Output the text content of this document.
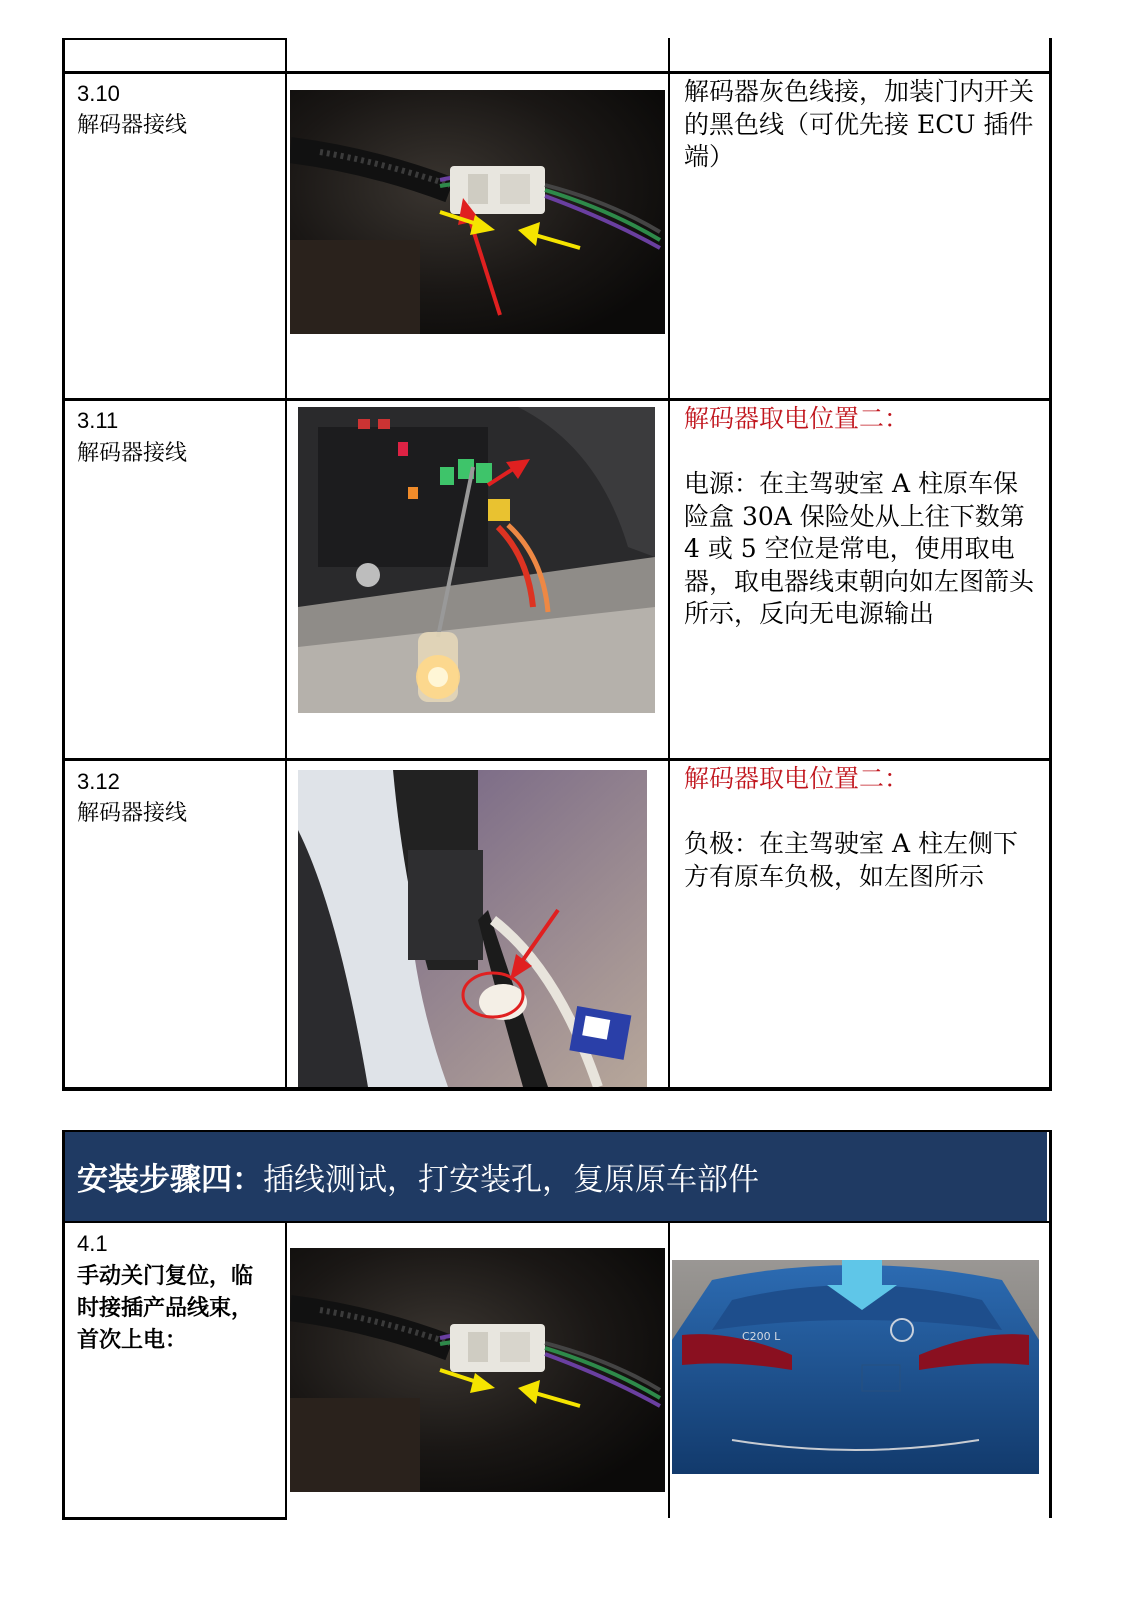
3.10
解码器接线
解码器灰色线接，加装门内开关的黑色线（可优先接 ECU 插件端）
3.11
解码器接线
解码器取电位置二：
电源：在主驾驶室 A 柱原车保险盒 30A 保险处从上往下数第 4 或 5 空位是常电，使用取电器，取电器线束朝向如左图箭头所示，反向无电源输出
3.12
解码器接线
解码器取电位置二：
负极：在主驾驶室 A 柱左侧下方有原车负极，如左图所示
安装步骤四： 插线测试，打安装孔，复原原车部件
4.1
手动关门复位，临时接插产品线束，首次上电：	C200 L
